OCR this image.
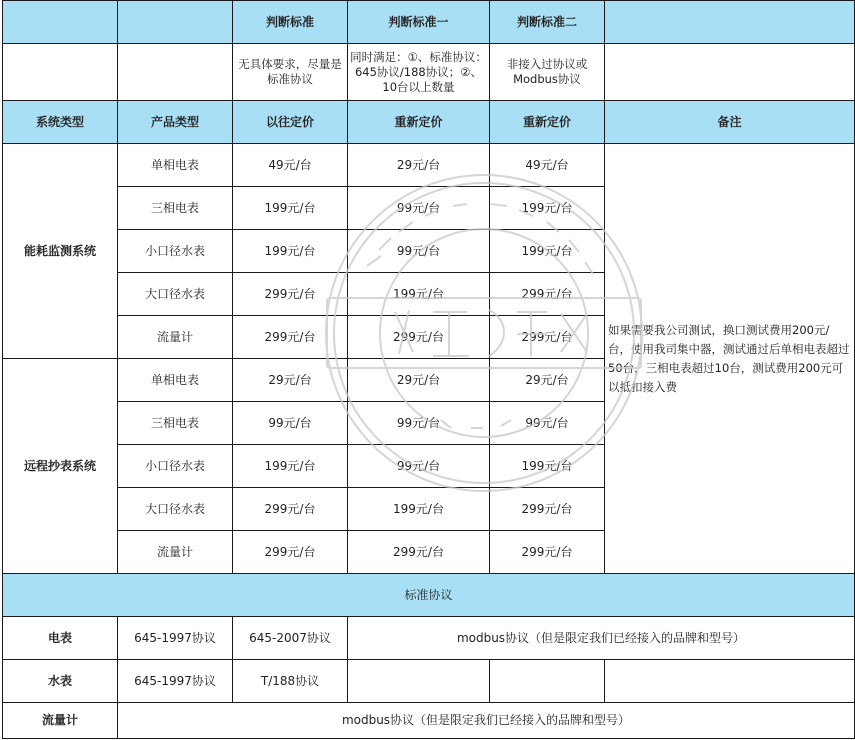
		判断标准	判断标准一	判断标准二	
		无具体要求，尽量是标准协议	同时满足：①、标准协议：645协议/188协议；②、10台以上数量	非接入过协议或Modbus协议	
系统类型	产品类型	以往定价	重新定价	重新定价	备注
能耗监测系统	单相电表	49元/台	29元/台	49元/台	如果需要我公司测试，换口测试费用200元/台，使用我司集中器，测试通过后单相电表超过50台，三相电表超过10台，测试费用200元可以抵扣接入费
	三相电表	199元/台	99元/台	199元/台	
	小口径水表	199元/台	99元/台	199元/台	
	大口径水表	299元/台	199元/台	299元/台	
	流量计	299元/台	299元/台	299元/台	
远程抄表系统	单相电表	29元/台	29元/台	29元/台	
	三相电表	99元/台	99元/台	99元/台	
	小口径水表	199元/台	99元/台	199元/台	
	大口径水表	299元/台	199元/台	299元/台	
	流量计	299元/台	299元/台	299元/台	
标准协议					
电表	645-1997协议	645-2007协议	modbus协议（但是限定我们已经接入的品牌和型号）		
水表	645-1997协议	T/188协议			
流量计	modbus协议（但是限定我们已经接入的品牌和型号）				
